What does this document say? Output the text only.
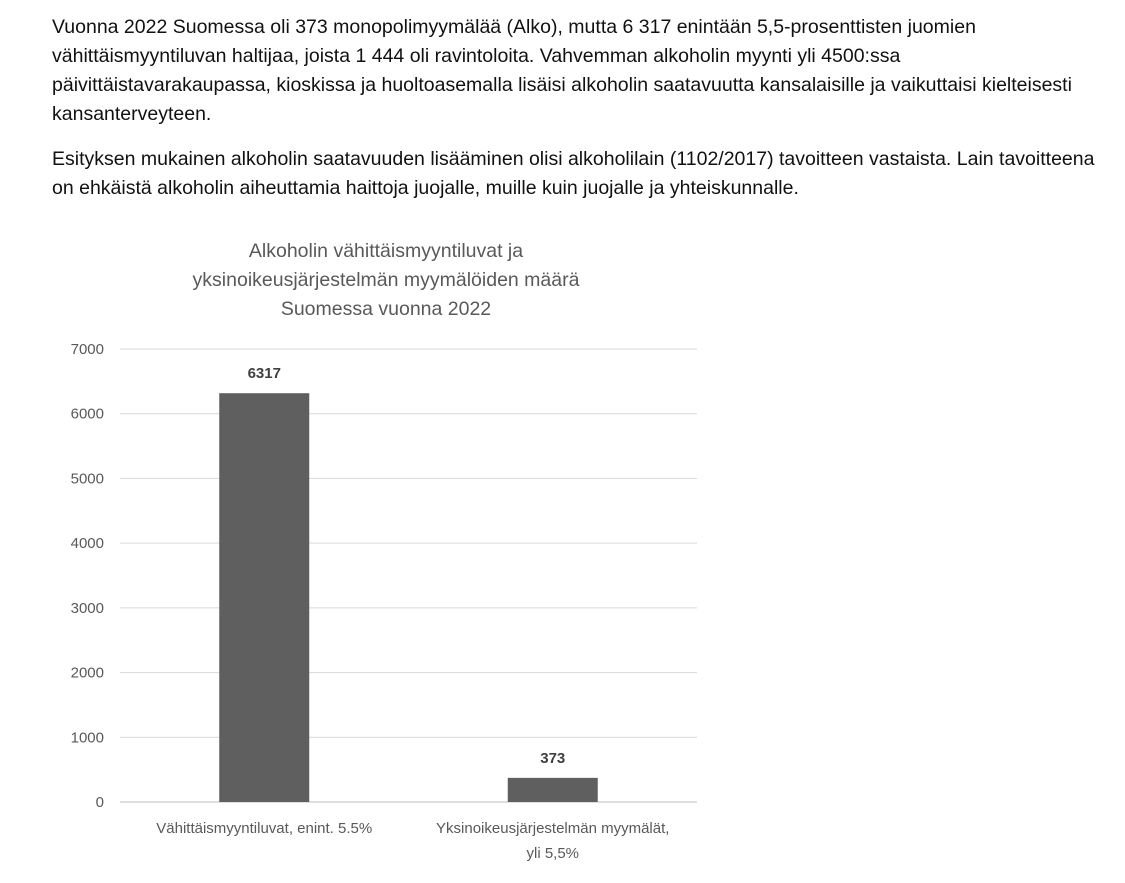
Vuonna 2022 Suomessa oli 373 monopolimyymälää (Alko), mutta 6 317 enintään 5,5-prosenttisten juomien vähittäismyyntiluvan haltijaa, joista 1 444 oli ravintoloita. Vahvemman alkoholin myynti yli 4500:ssa päivittäistavarakaupassa, kioskissa ja huoltoasemalla lisäisi alkoholin saatavuutta kansalaisille ja vaikuttaisi kielteisesti kansanterveyteen.

Esityksen mukainen alkoholin saatavuuden lisääminen olisi alkoholilain (1102/2017) tavoitteen vastaista. Lain tavoitteena on ehkäistä alkoholin aiheuttamia haittoja juojalle, muille kuin juojalle ja yhteiskunnalle.

Alkoholin vähittäismyyntiluvat ja
yksinoikeusjärjestelmän myymälöiden määrä
Suomessa vuonna 2022
0
1000
2000
3000
4000
5000
6000
7000
6317
373
Vähittäismyyntiluvat, enint. 5.5%	Yksinoikeusjärjestelmän myymälät,
yli 5,5%
